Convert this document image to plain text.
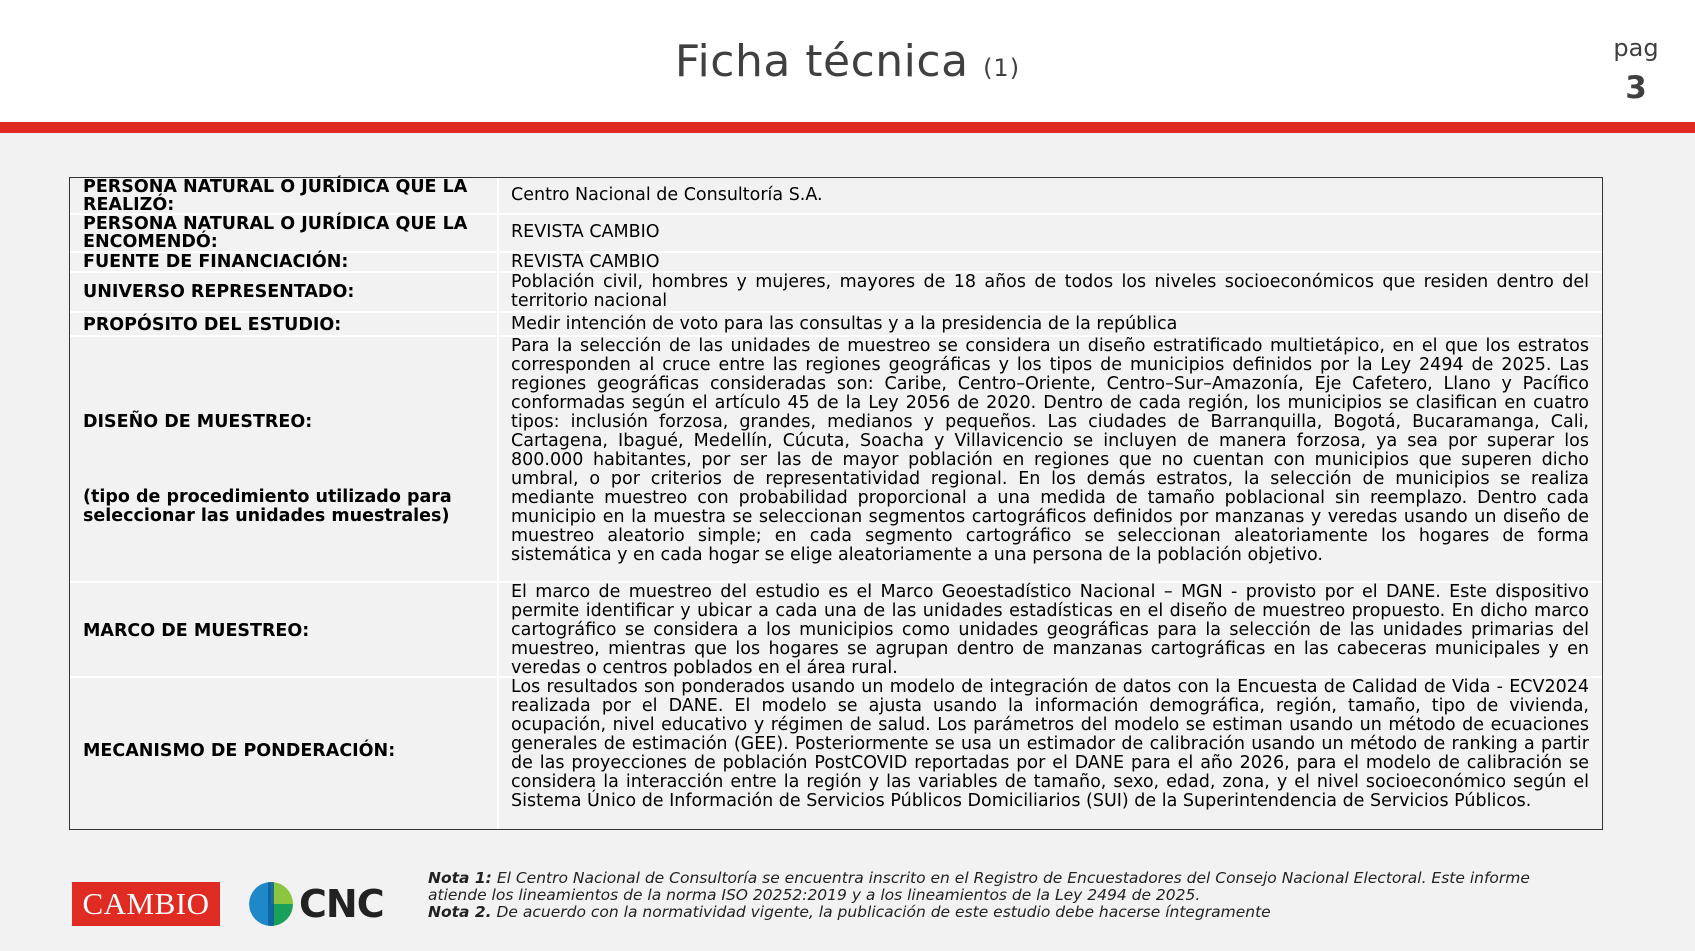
Ficha técnica (1)
pag
3
PERSONA NATURAL O JURÍDICA QUE LA REALIZÓ:	Centro Nacional de Consultoría S.A.
PERSONA NATURAL O JURÍDICA QUE LA ENCOMENDÓ:	REVISTA CAMBIO
FUENTE DE FINANCIACIÓN:	REVISTA CAMBIO
UNIVERSO REPRESENTADO:	Población civil, hombres y mujeres, mayores de 18 años de todos los niveles socioeconómicos que residen dentro del territorio nacional
PROPÓSITO DEL ESTUDIO:	Medir intención de voto para las consultas y a la presidencia de la república
DISEÑO DE MUESTREO:
(tipo de procedimiento utilizado para seleccionar las unidades muestrales)
Para la selección de las unidades de muestreo se considera un diseño estratificado multietápico, en el que los estratos corresponden al cruce entre las regiones geográficas y los tipos de municipios definidos por la Ley 2494 de 2025. Las regiones geográficas consideradas son: Caribe, Centro–Oriente, Centro–Sur–Amazonía, Eje Cafetero, Llano y Pacífico conformadas según el artículo 45 de la Ley 2056 de 2020. Dentro de cada región, los municipios se clasifican en cuatro tipos: inclusión forzosa, grandes, medianos y pequeños. Las ciudades de Barranquilla, Bogotá, Bucaramanga, Cali, Cartagena, Ibagué, Medellín, Cúcuta, Soacha y Villavicencio se incluyen de manera forzosa, ya sea por superar los 800.000 habitantes, por ser las de mayor población en regiones que no cuentan con municipios que superen dicho umbral, o por criterios de representatividad regional. En los demás estratos, la selección de municipios se realiza mediante muestreo con probabilidad proporcional a una medida de tamaño poblacional sin reemplazo. Dentro cada municipio en la muestra se seleccionan segmentos cartográficos definidos por manzanas y veredas usando un diseño de muestreo aleatorio simple; en cada segmento cartográfico se seleccionan aleatoriamente los hogares de forma sistemática y en cada hogar se elige aleatoriamente a una persona de la población objetivo.
MARCO DE MUESTREO:
El marco de muestreo del estudio es el Marco Geoestadístico Nacional – MGN - provisto por el DANE. Este dispositivo permite identificar y ubicar a cada una de las unidades estadísticas en el diseño de muestreo propuesto. En dicho marco cartográfico se considera a los municipios como unidades geográficas para la selección de las unidades primarias del muestreo, mientras que los hogares se agrupan dentro de manzanas cartográficas en las cabeceras municipales y en veredas o centros poblados en el área rural.
MECANISMO DE PONDERACIÓN:
Los resultados son ponderados usando un modelo de integración de datos con la Encuesta de Calidad de Vida - ECV2024 realizada por el DANE. El modelo se ajusta usando la información demográfica, región, tamaño, tipo de vivienda, ocupación, nivel educativo y régimen de salud. Los parámetros del modelo se estiman usando un método de ecuaciones generales de estimación (GEE). Posteriormente se usa un estimador de calibración usando un método de ranking a partir de las proyecciones de población PostCOVID reportadas por el DANE para el año 2026, para el modelo de calibración se considera la interacción entre la región y las variables de tamaño, sexo, edad, zona, y el nivel socioeconómico según el Sistema Único de Información de Servicios Públicos Domiciliarios (SUI) de la Superintendencia de Servicios Públicos.
CAMBIO CNC
Nota 1: El Centro Nacional de Consultoría se encuentra inscrito en el Registro de Encuestadores del Consejo Nacional Electoral. Este informe atiende los lineamientos de la norma ISO 20252:2019 y a los lineamientos de la Ley 2494 de 2025.
Nota 2. De acuerdo con la normatividad vigente, la publicación de este estudio debe hacerse íntegramente
